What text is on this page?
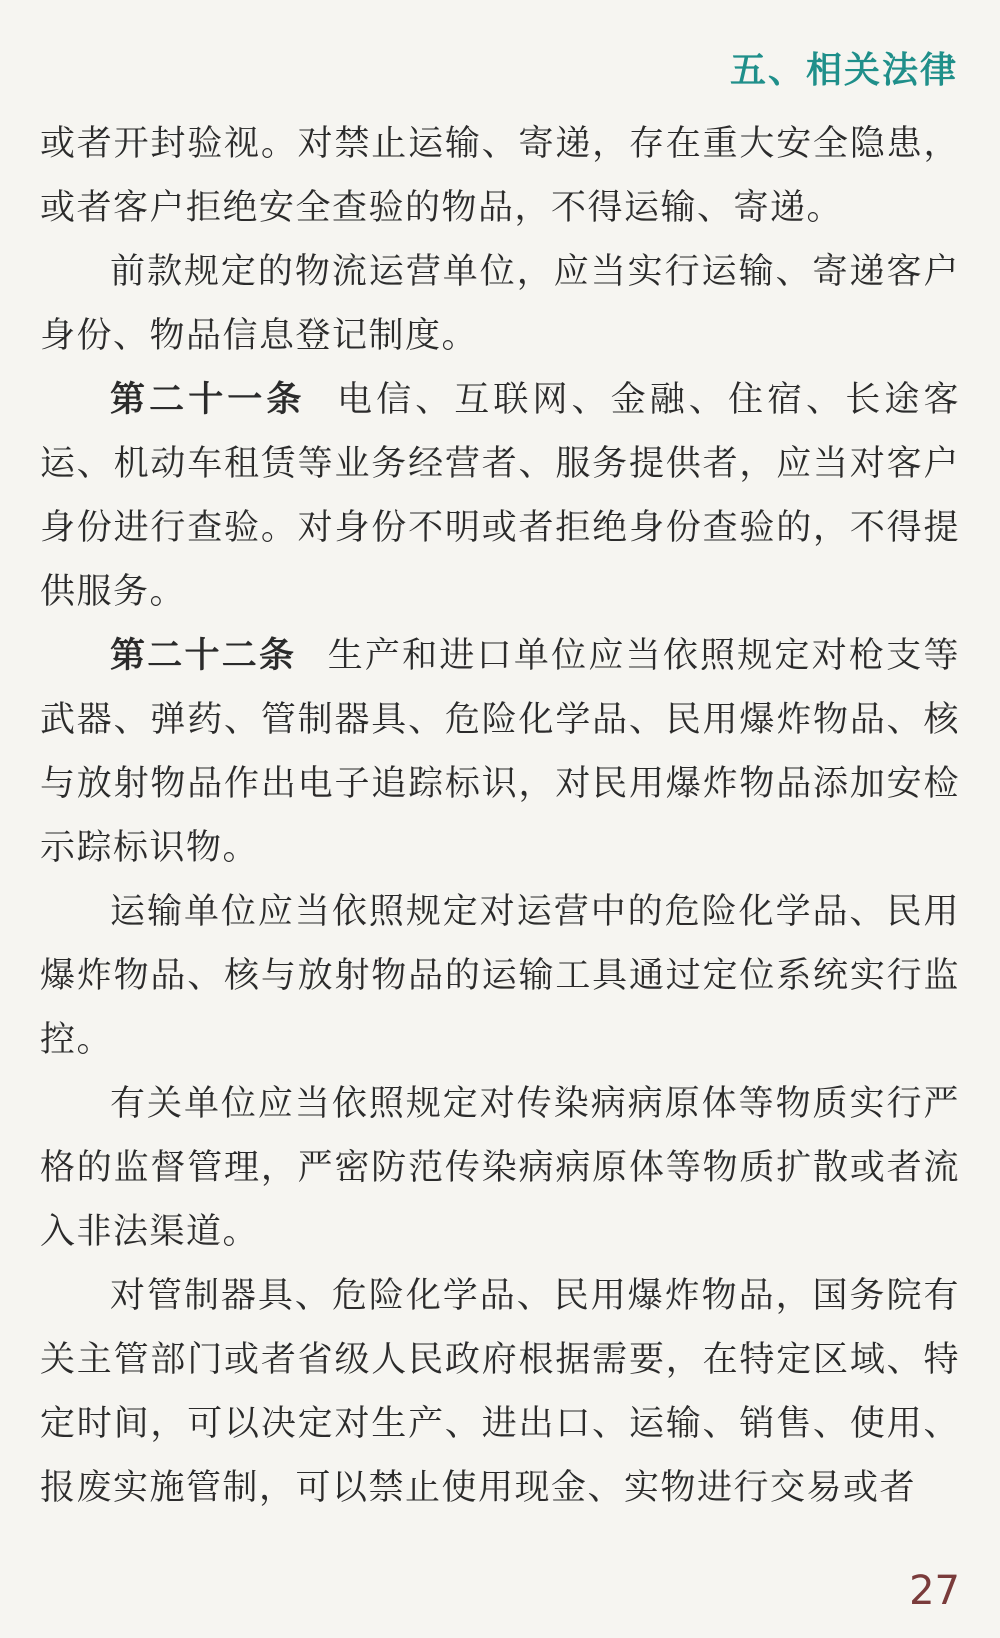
五、相关法律

或者开封验视。对禁止运输、寄递，存在重大安全隐患，或者客户拒绝安全查验的物品，不得运输、寄递。

前款规定的物流运营单位，应当实行运输、寄递客户身份、物品信息登记制度。

第二十一条 电信、互联网、金融、住宿、长途客运、机动车租赁等业务经营者、服务提供者，应当对客户身份进行查验。对身份不明或者拒绝身份查验的，不得提供服务。

第二十二条 生产和进口单位应当依照规定对枪支等武器、弹药、管制器具、危险化学品、民用爆炸物品、核与放射物品作出电子追踪标识，对民用爆炸物品添加安检示踪标识物。

运输单位应当依照规定对运营中的危险化学品、民用爆炸物品、核与放射物品的运输工具通过定位系统实行监控。

有关单位应当依照规定对传染病病原体等物质实行严格的监督管理，严密防范传染病病原体等物质扩散或者流入非法渠道。

对管制器具、危险化学品、民用爆炸物品，国务院有关主管部门或者省级人民政府根据需要，在特定区域、特定时间，可以决定对生产、进出口、运输、销售、使用、报废实施管制，可以禁止使用现金、实物进行交易或者

27
